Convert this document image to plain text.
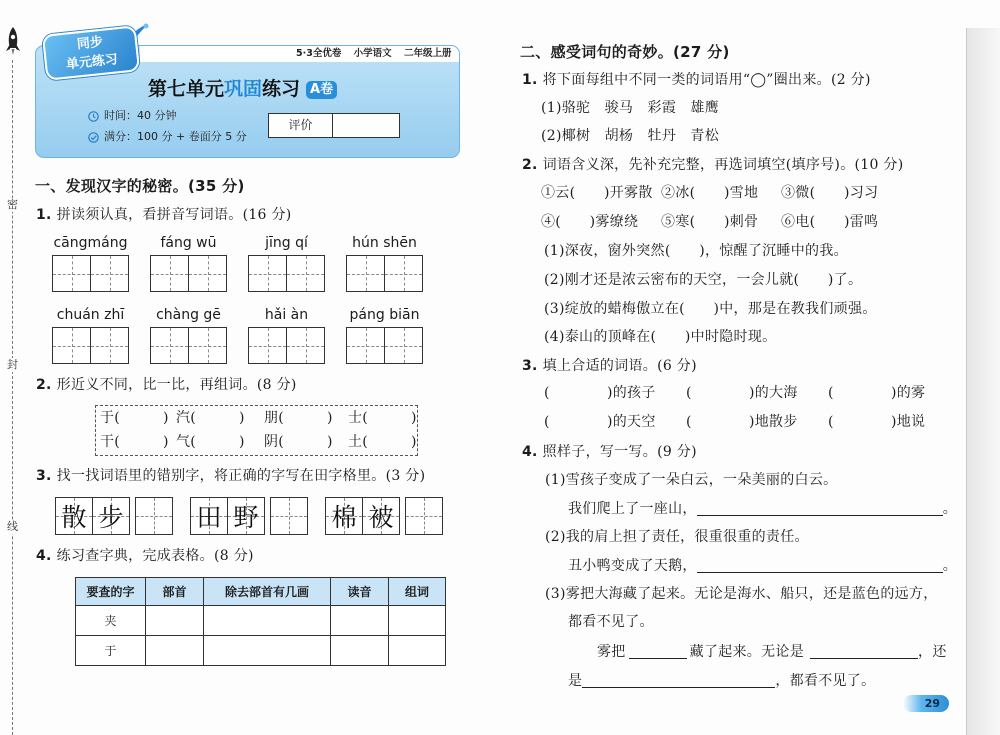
密
封
线
5·3全优卷 小学语文 二年级上册
同步
单元练习
第七单元巩固练习 A卷
时间：40 分钟
满分：100 分 + 卷面分 5 分
评价
一、发现汉字的秘密。(35 分)
1. 拼读须认真，看拼音写词语。(16 分)
cāngmáng	fáng wū	jīng qí	hún shēn
chuán zhī	chàng gē	hǎi àn	páng biān
2. 形近义不同，比一比，再组词。(8 分)
于(　　　) 汽(　　　) 朋(　　　) 士(　　　)
干(　　　) 气(　　　) 阴(　　　) 土(　　　)
3. 找一找词语里的错别字，将正确的字写在田字格里。(3 分)
散 步	田 野	棉 被
4. 练习查字典，完成表格。(8 分)
要查的字	部首	除去部首有几画	读音	组词
夹				
于				
二、感受词句的奇妙。(27 分)
1. 将下面每组中不同一类的词语用“◯”圈出来。(2 分)
(1)骆驼　骏马　彩霞　雄鹰
(2)椰树　胡杨　牡丹　青松
2. 词语含义深，先补充完整，再选词填空(填序号)。(10 分)
①云(　　)开雾散 ②冰(　　)雪地 ③微(　　)习习
④(　　)雾缭绕 ⑤寒(　　)刺骨 ⑥电(　　)雷鸣
(1)深夜，窗外突然(　　)，惊醒了沉睡中的我。
(2)刚才还是浓云密布的天空，一会儿就(　　)了。
(3)绽放的蜡梅傲立在(　　)中，那是在教我们顽强。
(4)泰山的顶峰在(　　)中时隐时现。
3. 填上合适的词语。(6 分)
(　　　　)的孩子 (　　　　)的大海 (　　　　)的雾
(　　　　)的天空 (　　　　)地散步 (　　　　)地说
4. 照样子，写一写。(9 分)
(1)雪孩子变成了一朵白云，一朵美丽的白云。
我们爬上了一座山，	。
(2)我的肩上担了责任，很重很重的责任。
丑小鸭变成了天鹅，	。
(3)雾把大海藏了起来。无论是海水、船只，还是蓝色的远方，
都看不见了。
雾把	藏了起来。无论是	，还
是	，都看不见了。
29
